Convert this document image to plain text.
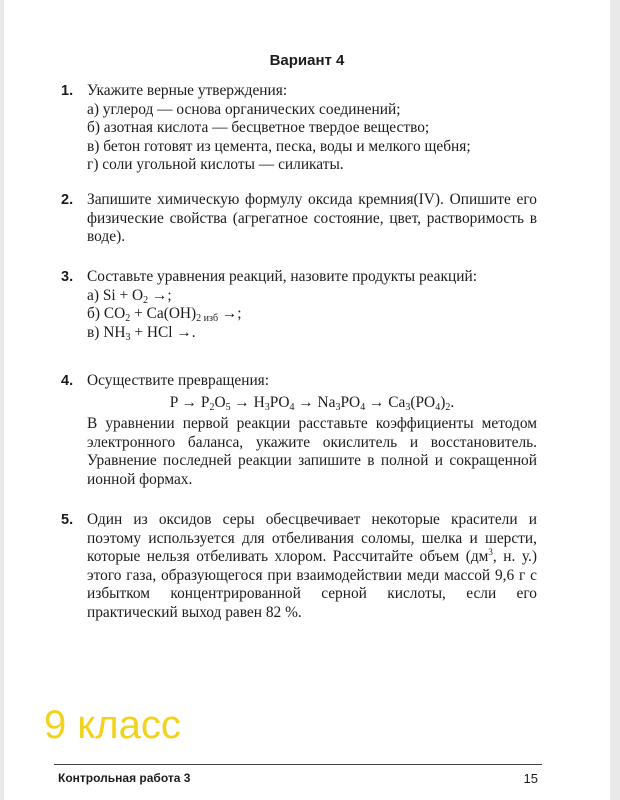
Вариант 4
1. Укажите верные утверждения:
а) углерод — основа органических соединений;
б) азотная кислота — бесцветное твердое вещество;
в) бетон готовят из цемента, песка, воды и мелкого щебня;
г) соли угольной кислоты — силикаты.
2. Запишите химическую формулу оксида кремния(IV). Опишите его физические свойства (агрегатное состояние, цвет, растворимость в воде).
3. Составьте уравнения реакций, назовите продукты реакций:
а) $Si + O_2$ →;
б) $CO_2 + Ca(OH)_{2 изб}$ →;
в) $NH_3$ + HCl →.
4. Осуществите превращения:
$P \to P_2O_5 \to H_3PO_4 \to Na_3PO_4 \to Ca_3(PO_4)_2$.
В уравнении первой реакции расставьте коэффициенты методом электронного баланса, укажите окислитель и восстановитель. Уравнение последней реакции запишите в полной и сокращенной ионной формах.
5. Один из оксидов серы обесцвечивает некоторые красители и поэтому используется для отбеливания соломы, шелка и шерсти, которые нельзя отбеливать хлором. Рассчитайте объем ($дм^3$, н. у.) этого газа, образующегося при взаимодействии меди массой 9,6 г с избытком концентрированной серной кислоты, если его практический выход равен 82 %.
9 класс
Контрольная работа 3	15
